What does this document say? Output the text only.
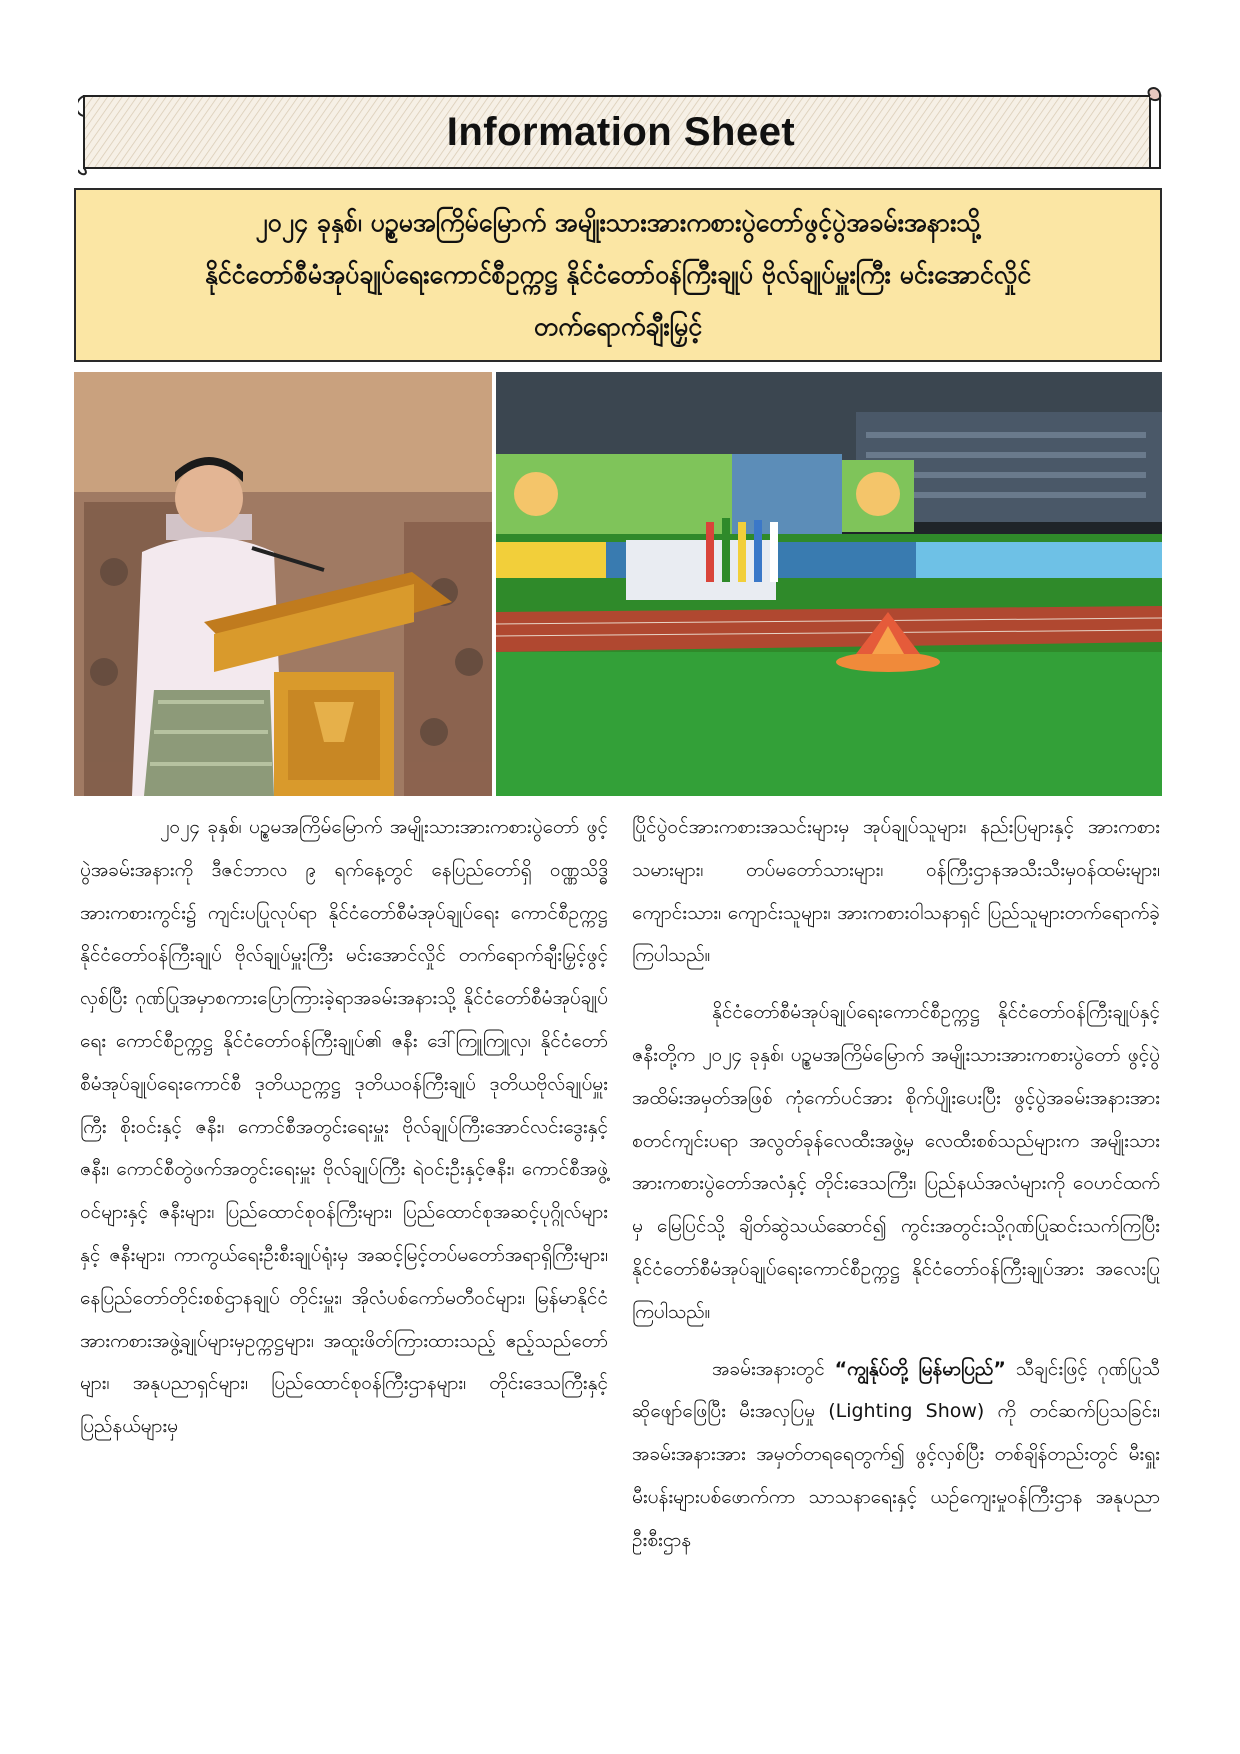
Information Sheet
၂၀၂၄ ခုနှစ်၊ ပဉ္စမအကြိမ်မြောက် အမျိုးသားအားကစားပွဲတော်ဖွင့်ပွဲအခမ်းအနားသို့
နိုင်ငံတော်စီမံအုပ်ချုပ်ရေးကောင်စီဥက္ကဋ္ဌ နိုင်ငံတော်ဝန်ကြီးချုပ် ဗိုလ်ချုပ်မှူးကြီး မင်းအောင်လှိုင်
တက်ရောက်ချီးမြှင့်

၂၀၂၄ ခုနှစ်၊ ပဉ္စမအကြိမ်မြောက် အမျိုးသားအားကစားပွဲတော် ဖွင့်ပွဲအခမ်းအနားကို ဒီဇင်ဘာလ ၉ ရက်နေ့တွင် နေပြည်တော်ရှိ ဝဏ္ဏသိဒ္ဓိအားကစားကွင်း၌ ကျင်းပပြုလုပ်ရာ နိုင်ငံတော်စီမံအုပ်ချုပ်ရေး ကောင်စီဥက္ကဋ္ဌ နိုင်ငံတော်ဝန်ကြီးချုပ် ဗိုလ်ချုပ်မှူးကြီး မင်းအောင်လှိုင် တက်ရောက်ချီးမြှင့်ဖွင့်လှစ်ပြီး ဂုဏ်ပြုအမှာစကားပြောကြားခဲ့ရာအခမ်းအနားသို့ နိုင်ငံတော်စီမံအုပ်ချုပ်ရေး ကောင်စီဥက္ကဋ္ဌ နိုင်ငံတော်ဝန်ကြီးချုပ်၏ ဇနီး ဒေါ်ကြူကြူလှ၊ နိုင်ငံတော်စီမံအုပ်ချုပ်ရေးကောင်စီ ဒုတိယဥက္ကဋ္ဌ ဒုတိယဝန်ကြီးချုပ် ဒုတိယဗိုလ်ချုပ်မှူးကြီး စိုးဝင်းနှင့် ဇနီး၊ ကောင်စီအတွင်းရေးမှူး ဗိုလ်ချုပ်ကြီးအောင်လင်းဒွေးနှင့် ဇနီး၊ ကောင်စီတွဲဖက်အတွင်းရေးမှူး ဗိုလ်ချုပ်ကြီး ရဲဝင်းဦးနှင့်ဇနီး၊ ကောင်စီအဖွဲ့ဝင်များနှင့် ဇနီးများ၊ ပြည်ထောင်စုဝန်ကြီးများ၊ ပြည်ထောင်စုအဆင့်ပုဂ္ဂိုလ်များနှင့် ဇနီးများ၊ ကာကွယ်ရေးဦးစီးချုပ်ရုံးမှ အဆင့်မြင့်တပ်မတော်အရာရှိကြီးများ၊ နေပြည်တော်တိုင်းစစ်ဌာနချုပ် တိုင်းမှူး၊ အိုလံပစ်ကော်မတီဝင်များ၊ မြန်မာနိုင်ငံအားကစားအဖွဲ့ချုပ်များမှဥက္ကဋ္ဌများ၊ အထူးဖိတ်ကြားထားသည့် ဧည့်သည်တော်များ၊ အနုပညာရှင်များ၊ ပြည်ထောင်စုဝန်ကြီးဌာနများ၊ တိုင်းဒေသကြီးနှင့် ပြည်နယ်များမှ

ပြိုင်ပွဲဝင်အားကစားအသင်းများမှ အုပ်ချုပ်သူများ၊ နည်းပြများနှင့် အားကစားသမားများ၊ တပ်မတော်သားများ၊ ဝန်ကြီးဌာနအသီးသီးမှဝန်ထမ်းများ၊ ကျောင်းသား၊ ကျောင်းသူများ၊ အားကစားဝါသနာရှင် ပြည်သူများတက်ရောက်ခဲ့ကြပါသည်။

နိုင်ငံတော်စီမံအုပ်ချုပ်ရေးကောင်စီဥက္ကဋ္ဌ နိုင်ငံတော်ဝန်ကြီးချုပ်နှင့် ဇနီးတို့က ၂၀၂၄ ခုနှစ်၊ ပဉ္စမအကြိမ်မြောက် အမျိုးသားအားကစားပွဲတော် ဖွင့်ပွဲအထိမ်းအမှတ်အဖြစ် ကုံကော်ပင်အား စိုက်ပျိုးပေးပြီး ဖွင့်ပွဲအခမ်းအနားအား စတင်ကျင်းပရာ အလွတ်ခုန်လေထီးအဖွဲ့မှ လေထီးစစ်သည်များက အမျိုးသားအားကစားပွဲတော်အလံနှင့် တိုင်းဒေသကြီး၊ ပြည်နယ်အလံများကို ဝေဟင်ထက်မှ မြေပြင်သို့ ချိတ်ဆွဲသယ်ဆောင်၍ ကွင်းအတွင်းသို့ဂုဏ်ပြုဆင်းသက်ကြပြီး နိုင်ငံတော်စီမံအုပ်ချုပ်ရေးကောင်စီဥက္ကဋ္ဌ နိုင်ငံတော်ဝန်ကြီးချုပ်အား အလေးပြုကြပါသည်။

အခမ်းအနားတွင် “ကျွန်ုပ်တို့ မြန်မာပြည်” သီချင်းဖြင့် ဂုဏ်ပြုသီဆိုဖျော်ဖြေပြီး မီးအလှပြမှု (Lighting Show) ကို တင်ဆက်ပြသခြင်း၊ အခမ်းအနားအား အမှတ်တရရေတွက်၍ ဖွင့်လှစ်ပြီး တစ်ချိန်တည်းတွင် မီးရှူးမီးပန်းများပစ်ဖောက်ကာ သာသနာရေးနှင့် ယဉ်ကျေးမှုဝန်ကြီးဌာန အနုပညာဦးစီးဌာန
